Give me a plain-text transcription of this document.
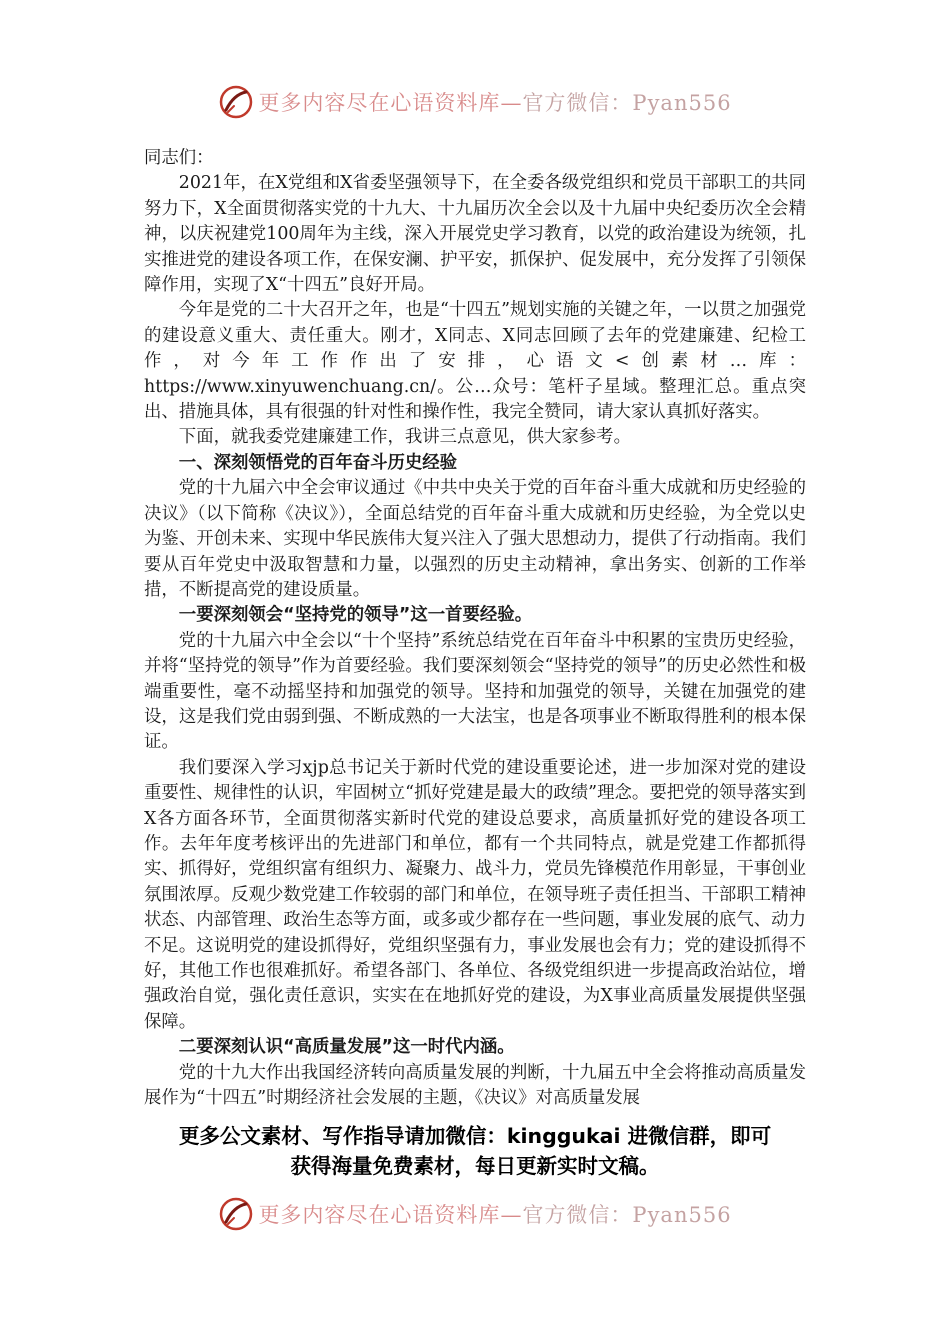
更多内容尽在心语资料库—官方微信：Pyan556

同志们：

2021年，在X党组和X省委坚强领导下，在全委各级党组织和党员干部职工的共同努力下，X全面贯彻落实党的十九大、十九届历次全会以及十九届中央纪委历次全会精神，以庆祝建党100周年为主线，深入开展党史学习教育，以党的政治建设为统领，扎实推进党的建设各项工作，在保安澜、护平安，抓保护、促发展中，充分发挥了引领保障作用，实现了X“十四五”良好开局。

今年是党的二十大召开之年，也是“十四五”规划实施的关键之年，一以贯之加强党的建设意义重大、责任重大。刚才，X同志、X同志回顾了去年的党建廉建、纪检工作，对今年工作作出了安排，心语文<创素材…库：https://www.xinyuwenchuang.cn/。公…众号：笔杆子星域。整理汇总。重点突出、措施具体，具有很强的针对性和操作性，我完全赞同，请大家认真抓好落实。

下面，就我委党建廉建工作，我讲三点意见，供大家参考。

一、深刻领悟党的百年奋斗历史经验

党的十九届六中全会审议通过《中共中央关于党的百年奋斗重大成就和历史经验的决议》（以下简称《决议》），全面总结党的百年奋斗重大成就和历史经验，为全党以史为鉴、开创未来、实现中华民族伟大复兴注入了强大思想动力，提供了行动指南。我们要从百年党史中汲取智慧和力量，以强烈的历史主动精神，拿出务实、创新的工作举措，不断提高党的建设质量。

一要深刻领会“坚持党的领导”这一首要经验。

党的十九届六中全会以“十个坚持”系统总结党在百年奋斗中积累的宝贵历史经验，并将“坚持党的领导”作为首要经验。我们要深刻领会“坚持党的领导”的历史必然性和极端重要性，毫不动摇坚持和加强党的领导。坚持和加强党的领导，关键在加强党的建设，这是我们党由弱到强、不断成熟的一大法宝，也是各项事业不断取得胜利的根本保证。

我们要深入学习xjp总书记关于新时代党的建设重要论述，进一步加深对党的建设重要性、规律性的认识，牢固树立“抓好党建是最大的政绩”理念。要把党的领导落实到X各方面各环节，全面贯彻落实新时代党的建设总要求，高质量抓好党的建设各项工作。去年年度考核评出的先进部门和单位，都有一个共同特点，就是党建工作都抓得实、抓得好，党组织富有组织力、凝聚力、战斗力，党员先锋模范作用彰显，干事创业氛围浓厚。反观少数党建工作较弱的部门和单位，在领导班子责任担当、干部职工精神状态、内部管理、政治生态等方面，或多或少都存在一些问题，事业发展的底气、动力不足。这说明党的建设抓得好，党组织坚强有力，事业发展也会有力；党的建设抓得不好，其他工作也很难抓好。希望各部门、各单位、各级党组织进一步提高政治站位，增强政治自觉，强化责任意识，实实在在地抓好党的建设，为X事业高质量发展提供坚强保障。

二要深刻认识“高质量发展”这一时代内涵。

党的十九大作出我国经济转向高质量发展的判断，十九届五中全会将推动高质量发展作为“十四五”时期经济社会发展的主题，《决议》对高质量发展

更多公文素材、写作指导请加微信：kinggukai 进微信群，即可
获得海量免费素材，每日更新实时文稿。
更多内容尽在心语资料库—官方微信：Pyan556
